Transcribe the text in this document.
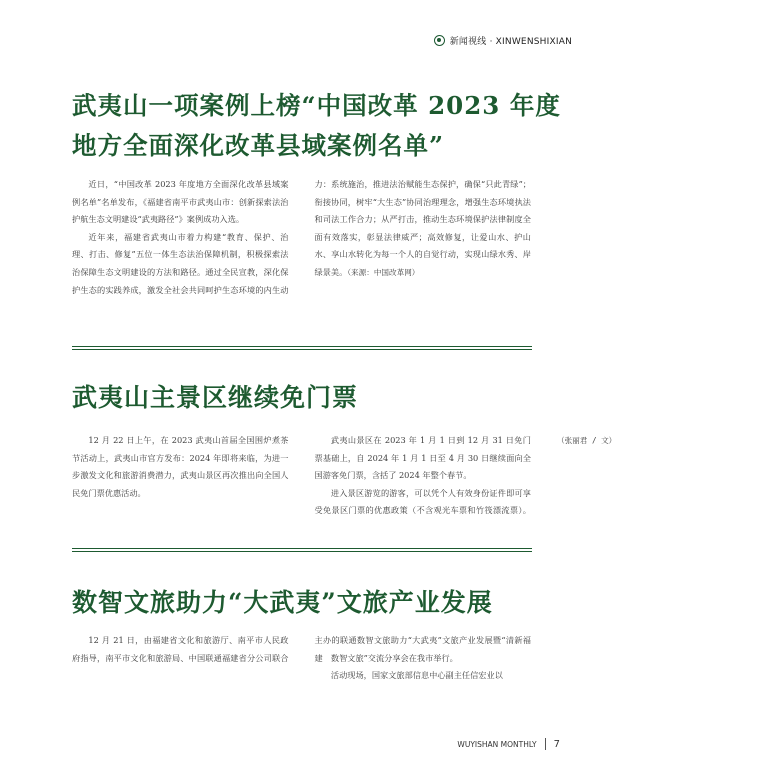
新闻视线 · XINWENSHIXIAN
武夷山一项案例上榜“中国改革 2023 年度地方全面深化改革县域案例名单”

近日，“中国改革 2023 年度地方全面深化改革县域案例名单”名单发布，《福建省南平市武夷山市：创新探索法治护航生态文明建设“武夷路径”》案例成功入选。

近年来，福建省武夷山市着力构建“教育、保护、治理、打击、修复”五位一体生态法治保障机制，积极探索法治保障生态文明建设的方法和路径。通过全民宣教，深化保护生态的实践养成，激发全社会共同呵护生态环境的内生动力：系统施治，推进法治赋能生态保护，确保“只此青绿”；衔接协同，树牢“大生态”协同治理理念，增强生态环境执法和司法工作合力；从严打击，推动生态环境保护法律制度全面有效落实，彰显法律威严；高效修复，让爱山水、护山水、享山水转化为每一个人的自觉行动，实现山绿水秀、岸绿景美。（来源：中国改革网）

武夷山主景区继续免门票

12 月 22 日上午，在 2023 武夷山首届全国围炉煮茶节活动上，武夷山市官方发布：2024 年即将来临，为进一步激发文化和旅游消费潜力，武夷山景区再次推出向全国人民免门票优惠活动。

武夷山景区在 2023 年 1 月 1 日到 12 月 31 日免门票基础上，自 2024 年 1 月 1 日至 4 月 30 日继续面向全国游客免门票，含括了 2024 年整个春节。

进入景区游览的游客，可以凭个人有效身份证件即可享受免景区门票的优惠政策（不含观光车票和竹筏漂流票）。（张丽君 / 文）

数智文旅助力“大武夷”文旅产业发展

12 月 21 日，由福建省文化和旅游厅、南平市人民政府指导，南平市文化和旅游局、中国联通福建省分公司联合主办的联通数智文旅助力“大武夷”文旅产业发展暨“清新福建　数智文旅”交流分享会在我市举行。

活动现场，国家文旅部信息中心副主任信宏业以

WUYISHAN MONTHLY 7
